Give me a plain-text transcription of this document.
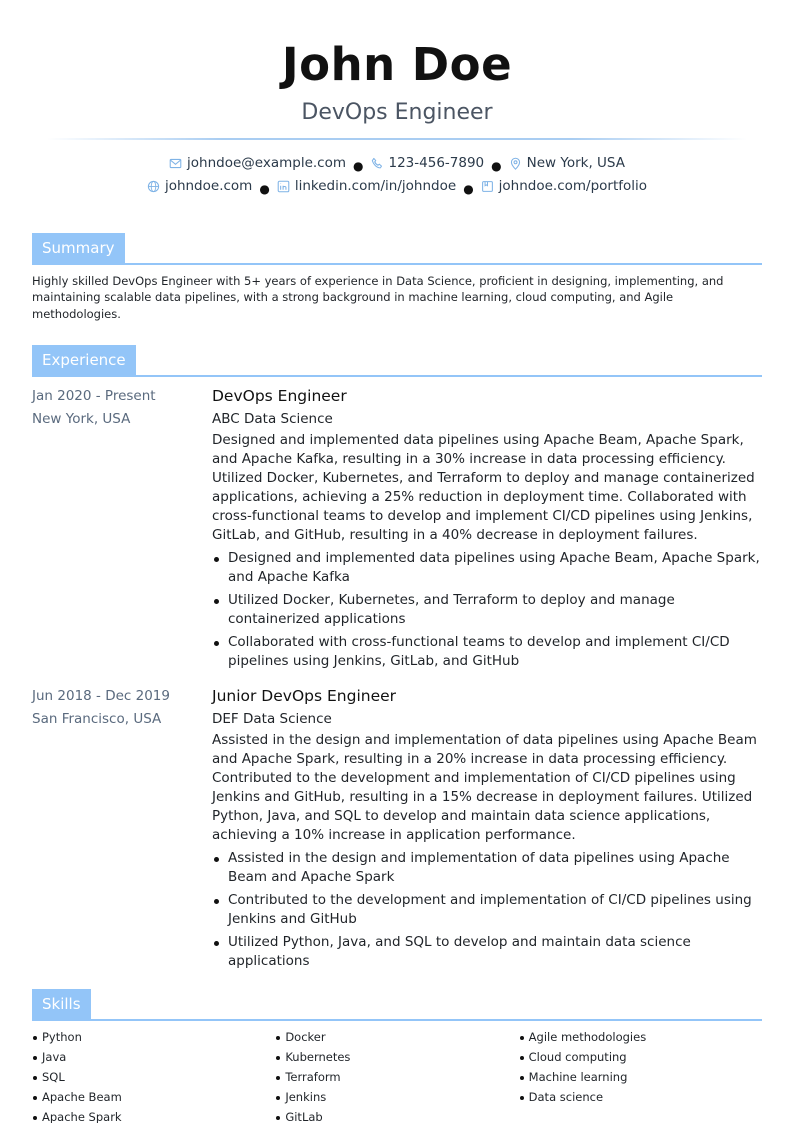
John Doe
DevOps Engineer
johndoe@example.com ● 123-456-7890 ● New York, USA
johndoe.com ● linkedin.com/in/johndoe ● johndoe.com/portfolio
Summary
Highly skilled DevOps Engineer with 5+ years of experience in Data Science, proficient in designing, implementing, and maintaining scalable data pipelines, with a strong background in machine learning, cloud computing, and Agile methodologies.
Experience
Jan 2020 - Present
New York, USA
DevOps Engineer
ABC Data Science
Designed and implemented data pipelines using Apache Beam, Apache Spark, and Apache Kafka, resulting in a 30% increase in data processing efficiency. Utilized Docker, Kubernetes, and Terraform to deploy and manage containerized applications, achieving a 25% reduction in deployment time. Collaborated with cross-functional teams to develop and implement CI/CD pipelines using Jenkins, GitLab, and GitHub, resulting in a 40% decrease in deployment failures.
Designed and implemented data pipelines using Apache Beam, Apache Spark, and Apache Kafka
Utilized Docker, Kubernetes, and Terraform to deploy and manage containerized applications
Collaborated with cross-functional teams to develop and implement CI/CD pipelines using Jenkins, GitLab, and GitHub
Jun 2018 - Dec 2019
San Francisco, USA
Junior DevOps Engineer
DEF Data Science
Assisted in the design and implementation of data pipelines using Apache Beam and Apache Spark, resulting in a 20% increase in data processing efficiency. Contributed to the development and implementation of CI/CD pipelines using Jenkins and GitHub, resulting in a 15% decrease in deployment failures. Utilized Python, Java, and SQL to develop and maintain data science applications, achieving a 10% increase in application performance.
Assisted in the design and implementation of data pipelines using Apache Beam and Apache Spark
Contributed to the development and implementation of CI/CD pipelines using Jenkins and GitHub
Utilized Python, Java, and SQL to develop and maintain data science applications
Skills
Python
Java
SQL
Apache Beam
Apache Spark
Docker
Kubernetes
Terraform
Jenkins
GitLab
Agile methodologies
Cloud computing
Machine learning
Data science
